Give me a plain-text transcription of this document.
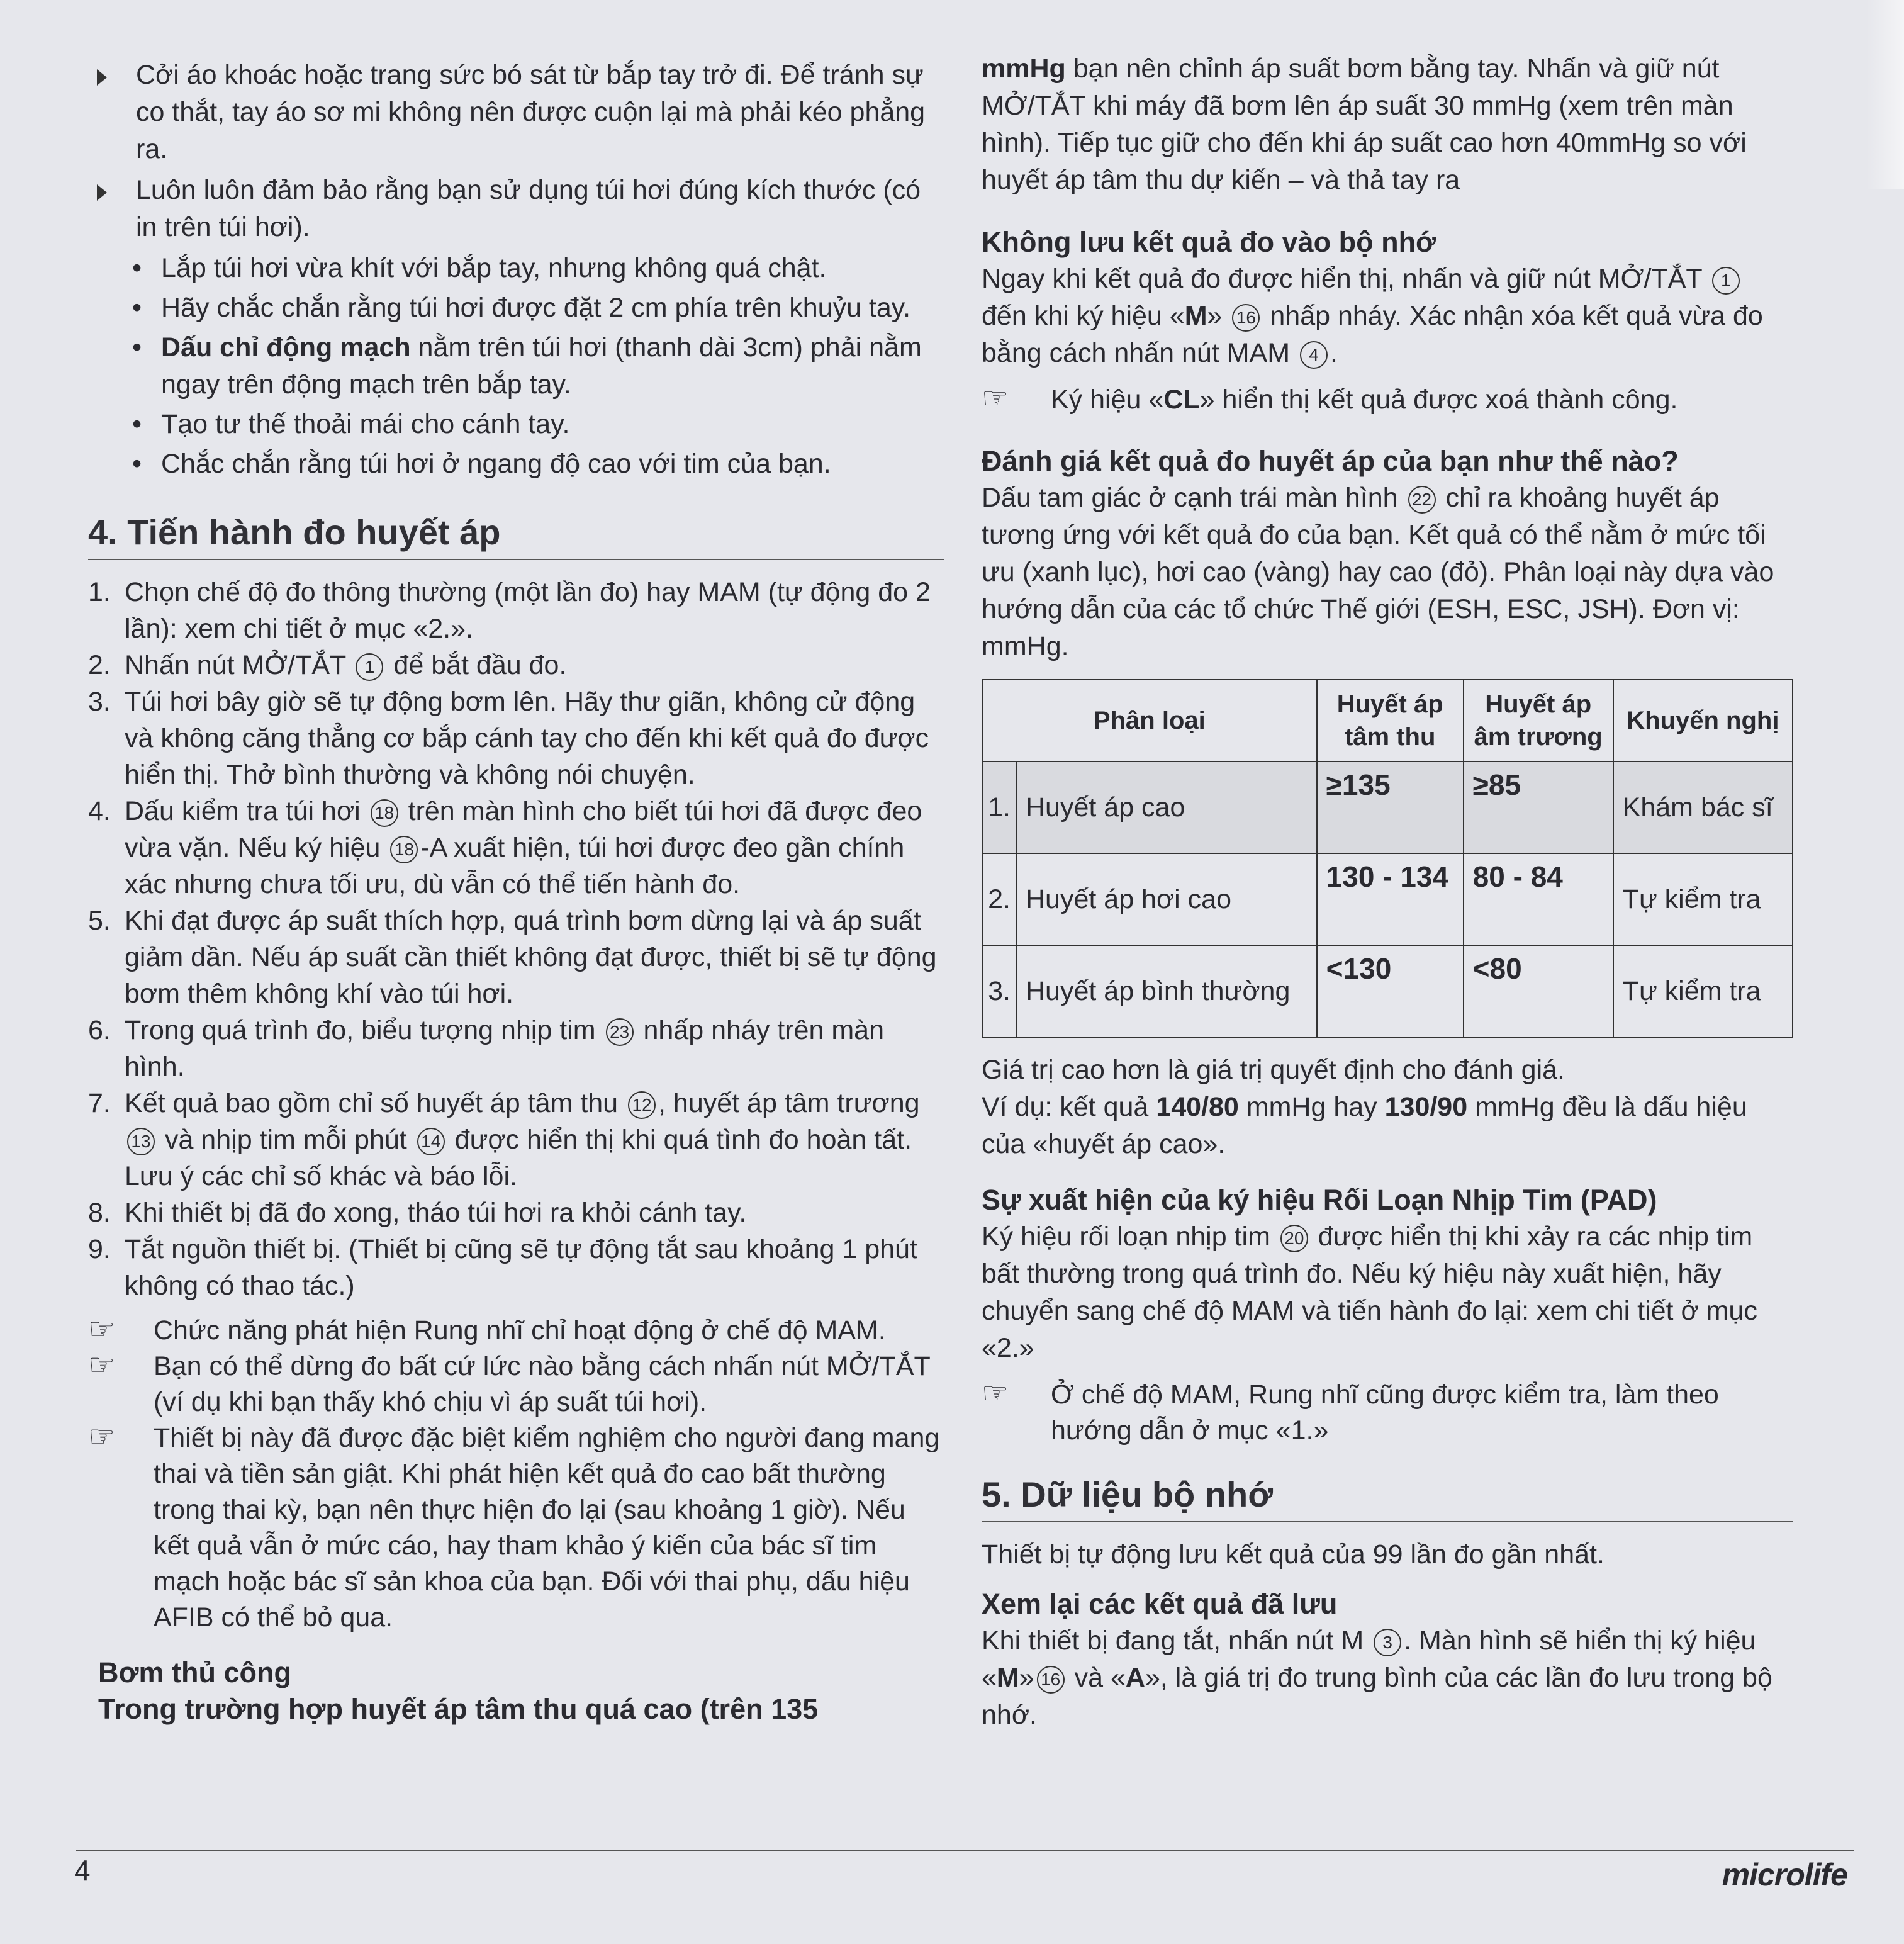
Cởi áo khoác hoặc trang sức bó sát từ bắp tay trở đi. Để tránh sự co thắt, tay áo sơ mi không nên được cuộn lại mà phải kéo phẳng ra.
Luôn luôn đảm bảo rằng bạn sử dụng túi hơi đúng kích thước (có in trên túi hơi).
• Lắp túi hơi vừa khít với bắp tay, nhưng không quá chật.
• Hãy chắc chắn rằng túi hơi được đặt 2 cm phía trên khuỷu tay.
• Dấu chỉ động mạch nằm trên túi hơi (thanh dài 3cm) phải nằm ngay trên động mạch trên bắp tay.
• Tạo tư thế thoải mái cho cánh tay.
• Chắc chắn rằng túi hơi ở ngang độ cao với tim của bạn.
4. Tiến hành đo huyết áp
1. Chọn chế độ đo thông thường (một lần đo) hay MAM (tự động đo 2 lần): xem chi tiết ở mục «2.».
2. Nhấn nút MỞ/TẮT 1 để bắt đầu đo.
3. Túi hơi bây giờ sẽ tự động bơm lên. Hãy thư giãn, không cử động và không căng thẳng cơ bắp cánh tay cho đến khi kết quả đo được hiển thị. Thở bình thường và không nói chuyện.
4. Dấu kiểm tra túi hơi 18 trên màn hình cho biết túi hơi đã được đeo vừa vặn. Nếu ký hiệu 18 -A xuất hiện, túi hơi được đeo gần chính xác nhưng chưa tối ưu, dù vẫn có thể tiến hành đo.
5. Khi đạt được áp suất thích hợp, quá trình bơm dừng lại và áp suất giảm dần. Nếu áp suất cần thiết không đạt được, thiết bị sẽ tự động bơm thêm không khí vào túi hơi.
6. Trong quá trình đo, biểu tượng nhịp tim 23 nhấp nháy trên màn hình.
7. Kết quả bao gồm chỉ số huyết áp tâm thu 12 , huyết áp tâm trương 13 và nhịp tim mỗi phút 14 được hiển thị khi quá tình đo hoàn tất. Lưu ý các chỉ số khác và báo lỗi.
8. Khi thiết bị đã đo xong, tháo túi hơi ra khỏi cánh tay.
9. Tắt nguồn thiết bị. (Thiết bị cũng sẽ tự động tắt sau khoảng 1 phút không có thao tác.)
☞ Chức năng phát hiện Rung nhĩ chỉ hoạt động ở chế độ MAM.
☞ Bạn có thể dừng đo bất cứ lức nào bằng cách nhấn nút MỞ/TẮT (ví dụ khi bạn thấy khó chịu vì áp suất túi hơi).
☞ Thiết bị này đã được đặc biệt kiểm nghiệm cho người đang mang thai và tiền sản giật. Khi phát hiện kết quả đo cao bất thường trong thai kỳ, bạn nên thực hiện đo lại (sau khoảng 1 giờ). Nếu kết quả vẫn ở mức cáo, hay tham khảo ý kiến của bác sĩ tim mạch hoặc bác sĩ sản khoa của bạn. Đối với thai phụ, dấu hiệu AFIB có thể bỏ qua.
Bơm thủ công
Trong trường hợp huyết áp tâm thu quá cao (trên 135

mmHg bạn nên chỉnh áp suất bơm bằng tay. Nhấn và giữ nút MỞ/TẮT khi máy đã bơm lên áp suất 30 mmHg (xem trên màn hình). Tiếp tục giữ cho đến khi áp suất cao hơn 40mmHg so với huyết áp tâm thu dự kiến – và thả tay ra

Không lưu kết quả đo vào bộ nhớ

Ngay khi kết quả đo được hiển thị, nhấn và giữ nút MỞ/TẮT 1 đến khi ký hiệu «M» 16 nhấp nháy. Xác nhận xóa kết quả vừa đo bằng cách nhấn nút MAM 4 .

☞ Ký hiệu «CL» hiển thị kết quả được xoá thành công.
Đánh giá kết quả đo huyết áp của bạn như thế nào?

Dấu tam giác ở cạnh trái màn hình 22 chỉ ra khoảng huyết áp tương ứng với kết quả đo của bạn. Kết quả có thể nằm ở mức tối ưu (xanh lục), hơi cao (vàng) hay cao (đỏ). Phân loại này dựa vào hướng dẫn của các tổ chức Thế giới (ESH, ESC, JSH). Đơn vị: mmHg.

Phân loại		Huyết áp tâm thu	Huyết áp âm trương	Khuyến nghị
1.	Huyết áp cao	≥135	≥85	Khám bác sĩ
2.	Huyết áp hơi cao	130 - 134	80 - 84	Tự kiểm tra
3.	Huyết áp bình thường	<130	<80	Tự kiểm tra

Giá trị cao hơn là giá trị quyết định cho đánh giá.

Ví dụ: kết quả 140/80 mmHg hay 130/90 mmHg đều là dấu hiệu của «huyết áp cao».

Sự xuất hiện của ký hiệu Rối Loạn Nhịp Tim (PAD)

Ký hiệu rối loạn nhịp tim 20 được hiển thị khi xảy ra các nhịp tim bất thường trong quá trình đo. Nếu ký hiệu này xuất hiện, hãy chuyển sang chế độ MAM và tiến hành đo lại: xem chi tiết ở mục «2.»

☞ Ở chế độ MAM, Rung nhĩ cũng được kiểm tra, làm theo hướng dẫn ở mục «1.»
5. Dữ liệu bộ nhớ

Thiết bị tự động lưu kết quả của 99 lần đo gần nhất.

Xem lại các kết quả đã lưu

Khi thiết bị đang tắt, nhấn nút M 3 . Màn hình sẽ hiển thị ký hiệu «M» 16 và «A», là giá trị đo trung bình của các lần đo lưu trong bộ nhớ.

4	microlife
